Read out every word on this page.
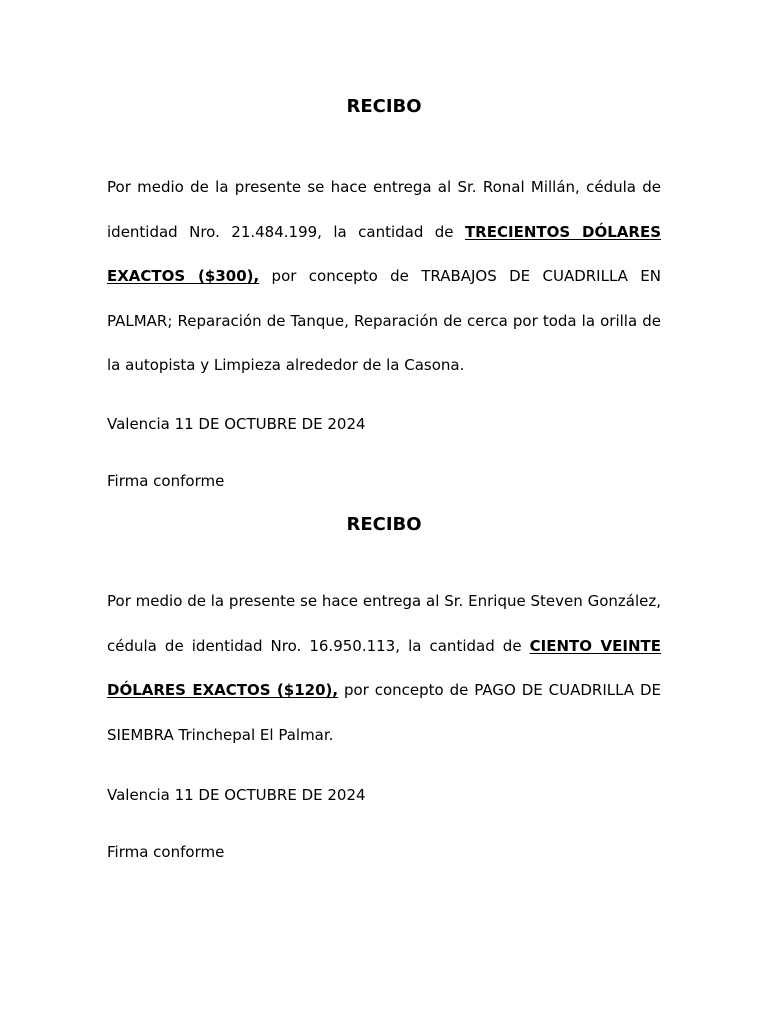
RECIBO

Por medio de la presente se hace entrega al Sr. Ronal Millán, cédula de identidad Nro. 21.484.199, la cantidad de TRECIENTOS DÓLARES EXACTOS ($300), por concepto de TRABAJOS DE CUADRILLA EN PALMAR; Reparación de Tanque, Reparación de cerca por toda la orilla de la autopista y Limpieza alrededor de la Casona.

Valencia 11 DE OCTUBRE DE 2024

Firma conforme

RECIBO

Por medio de la presente se hace entrega al Sr. Enrique Steven González, cédula de identidad Nro. 16.950.113, la cantidad de CIENTO VEINTE DÓLARES EXACTOS ($120), por concepto de PAGO DE CUADRILLA DE SIEMBRA Trinchepal El Palmar.

Valencia 11 DE OCTUBRE DE 2024

Firma conforme
